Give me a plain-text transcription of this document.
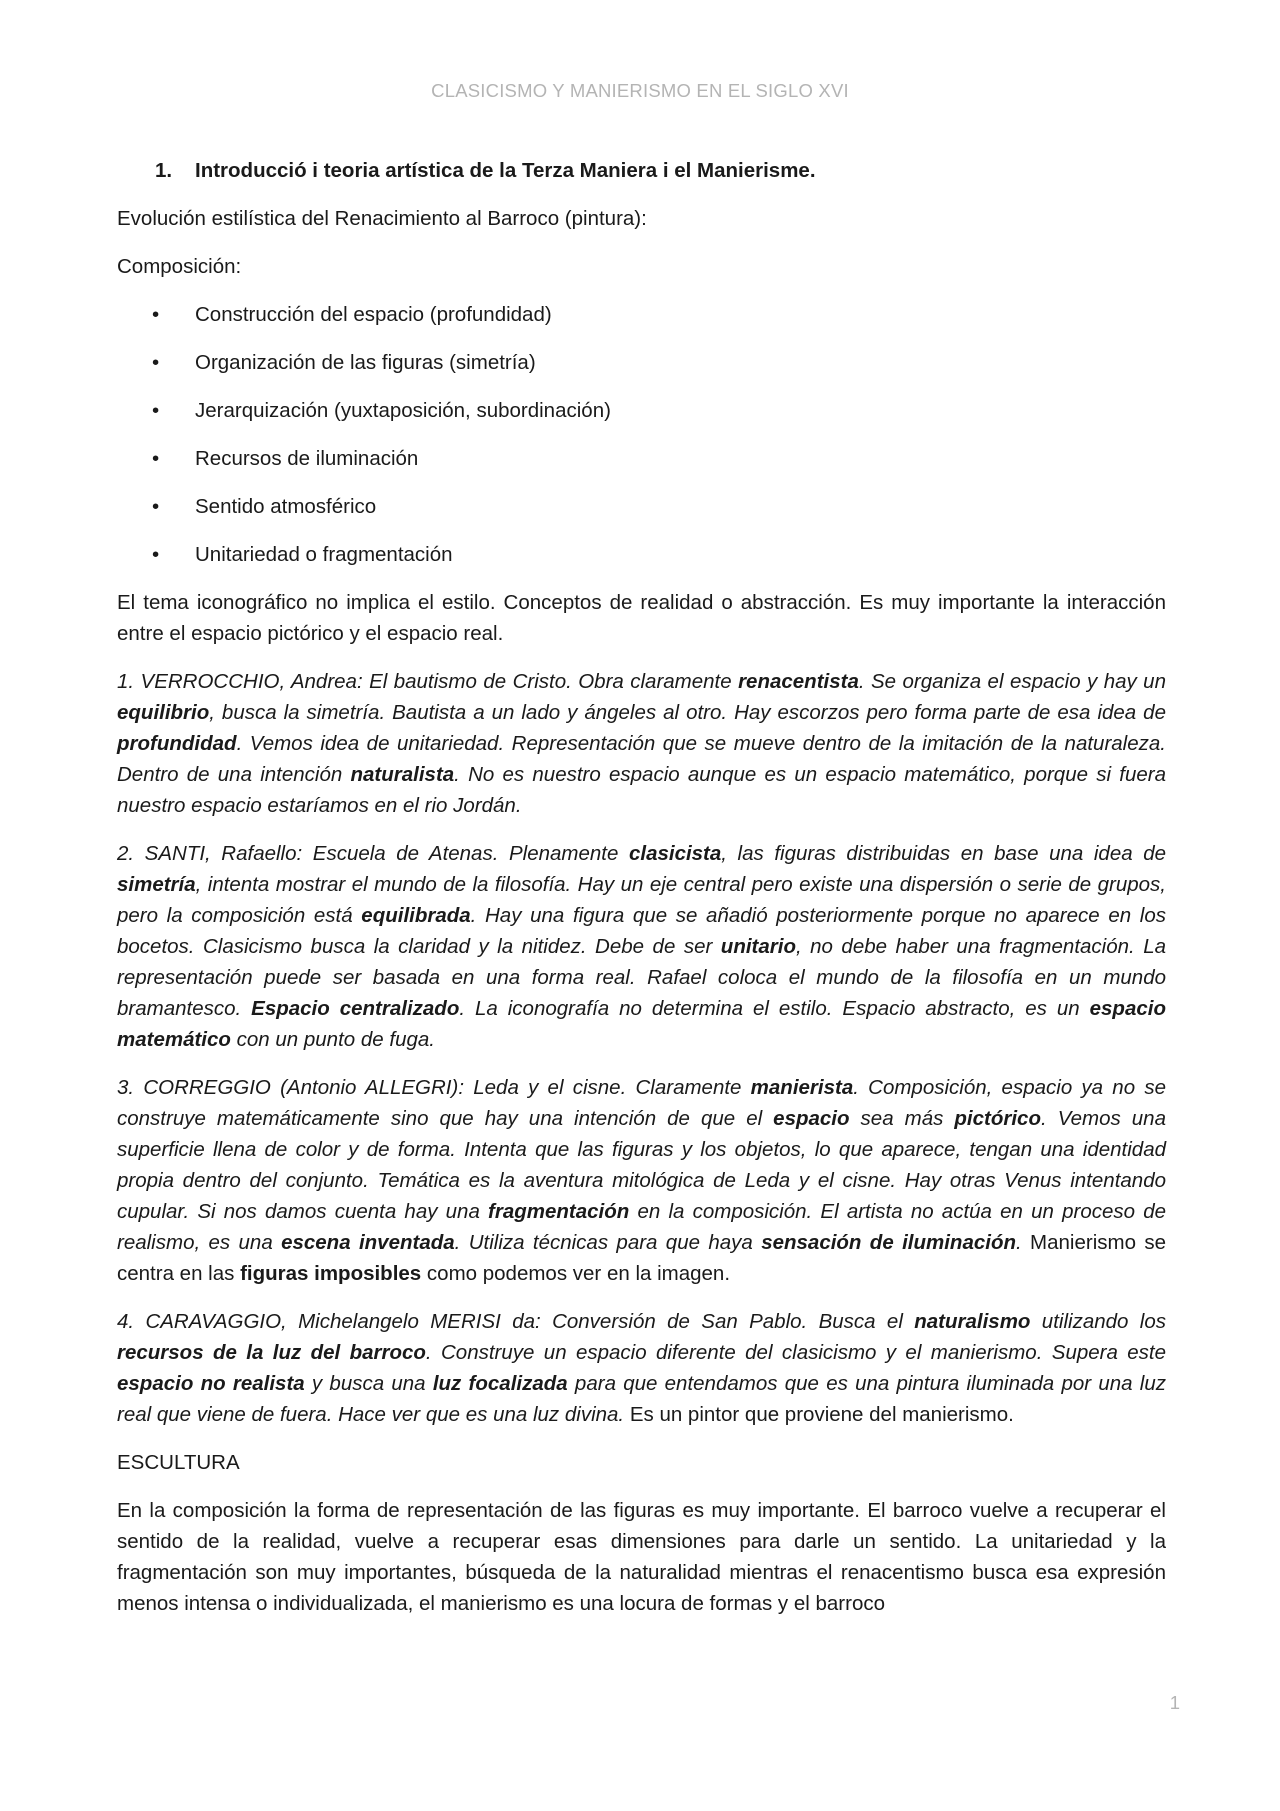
CLASICISMO Y MANIERISMO EN EL SIGLO XVI
1. Introducció i teoria artística de la Terza Maniera i el Manierisme.

Evolución estilística del Renacimiento al Barroco (pintura):

Composición:

•	Construcción del espacio (profundidad)
•	Organización de las figuras (simetría)
•	Jerarquización (yuxtaposición, subordinación)
•	Recursos de iluminación
•	Sentido atmosférico
•	Unitariedad o fragmentación

El tema iconográfico no implica el estilo. Conceptos de realidad o abstracción. Es muy importante la interacción entre el espacio pictórico y el espacio real.

1. VERROCCHIO, Andrea: El bautismo de Cristo. Obra claramente renacentista. Se organiza el espacio y hay un equilibrio, busca la simetría. Bautista a un lado y ángeles al otro. Hay escorzos pero forma parte de esa idea de profundidad. Vemos idea de unitariedad. Representación que se mueve dentro de la imitación de la naturaleza. Dentro de una intención naturalista. No es nuestro espacio aunque es un espacio matemático, porque si fuera nuestro espacio estaríamos en el rio Jordán.

2. SANTI, Rafaello: Escuela de Atenas. Plenamente clasicista, las figuras distribuidas en base una idea de simetría, intenta mostrar el mundo de la filosofía. Hay un eje central pero existe una dispersión o serie de grupos, pero la composición está equilibrada. Hay una figura que se añadió posteriormente porque no aparece en los bocetos. Clasicismo busca la claridad y la nitidez. Debe de ser unitario, no debe haber una fragmentación. La representación puede ser basada en una forma real. Rafael coloca el mundo de la filosofía en un mundo bramantesco. Espacio centralizado. La iconografía no determina el estilo. Espacio abstracto, es un espacio matemático con un punto de fuga.

3. CORREGGIO (Antonio ALLEGRI): Leda y el cisne. Claramente manierista. Composición, espacio ya no se construye matemáticamente sino que hay una intención de que el espacio sea más pictórico. Vemos una superficie llena de color y de forma. Intenta que las figuras y los objetos, lo que aparece, tengan una identidad propia dentro del conjunto. Temática es la aventura mitológica de Leda y el cisne. Hay otras Venus intentando cupular. Si nos damos cuenta hay una fragmentación en la composición. El artista no actúa en un proceso de realismo, es una escena inventada. Utiliza técnicas para que haya sensación de iluminación. Manierismo se centra en las figuras imposibles como podemos ver en la imagen.

4. CARAVAGGIO, Michelangelo MERISI da: Conversión de San Pablo. Busca el naturalismo utilizando los recursos de la luz del barroco. Construye un espacio diferente del clasicismo y el manierismo. Supera este espacio no realista y busca una luz focalizada para que entendamos que es una pintura iluminada por una luz real que viene de fuera. Hace ver que es una luz divina. Es un pintor que proviene del manierismo.

ESCULTURA

En la composición la forma de representación de las figuras es muy importante. El barroco vuelve a recuperar el sentido de la realidad, vuelve a recuperar esas dimensiones para darle un sentido. La unitariedad y la fragmentación son muy importantes, búsqueda de la naturalidad mientras el renacentismo busca esa expresión menos intensa o individualizada, el manierismo es una locura de formas y el barroco

1
